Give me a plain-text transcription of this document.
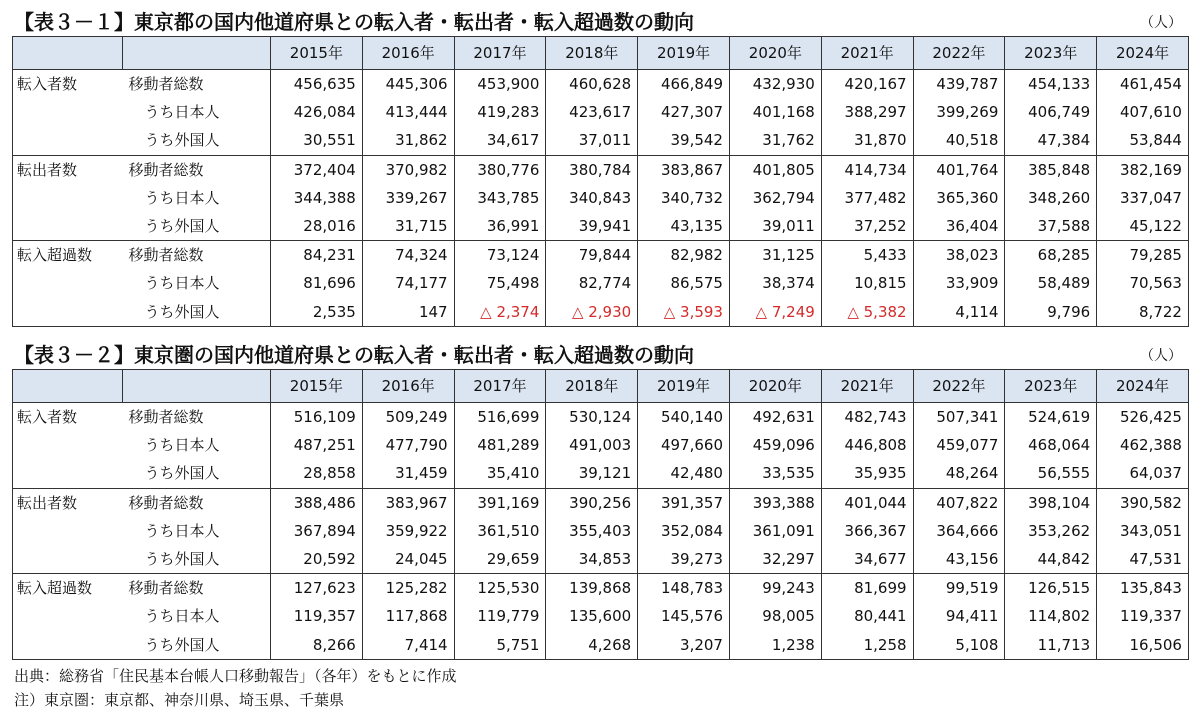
【表３－１】東京都の国内他道府県との転入者・転出者・転入超過数の動向	（人）
		2015年	2016年	2017年	2018年	2019年	2020年	2021年	2022年	2023年	2024年
転入者数	移動者総数	456,635	445,306	453,900	460,628	466,849	432,930	420,167	439,787	454,133	461,454
	うち日本人	426,084	413,444	419,283	423,617	427,307	401,168	388,297	399,269	406,749	407,610
	うち外国人	30,551	31,862	34,617	37,011	39,542	31,762	31,870	40,518	47,384	53,844
転出者数	移動者総数	372,404	370,982	380,776	380,784	383,867	401,805	414,734	401,764	385,848	382,169
	うち日本人	344,388	339,267	343,785	340,843	340,732	362,794	377,482	365,360	348,260	337,047
	うち外国人	28,016	31,715	36,991	39,941	43,135	39,011	37,252	36,404	37,588	45,122
転入超過数	移動者総数	84,231	74,324	73,124	79,844	82,982	31,125	5,433	38,023	68,285	79,285
	うち日本人	81,696	74,177	75,498	82,774	86,575	38,374	10,815	33,909	58,489	70,563
	うち外国人	2,535	147	△ 2,374	△ 2,930	△ 3,593	△ 7,249	△ 5,382	4,114	9,796	8,722
【表３－２】東京圏の国内他道府県との転入者・転出者・転入超過数の動向	（人）
		2015年	2016年	2017年	2018年	2019年	2020年	2021年	2022年	2023年	2024年
転入者数	移動者総数	516,109	509,249	516,699	530,124	540,140	492,631	482,743	507,341	524,619	526,425
	うち日本人	487,251	477,790	481,289	491,003	497,660	459,096	446,808	459,077	468,064	462,388
	うち外国人	28,858	31,459	35,410	39,121	42,480	33,535	35,935	48,264	56,555	64,037
転出者数	移動者総数	388,486	383,967	391,169	390,256	391,357	393,388	401,044	407,822	398,104	390,582
	うち日本人	367,894	359,922	361,510	355,403	352,084	361,091	366,367	364,666	353,262	343,051
	うち外国人	20,592	24,045	29,659	34,853	39,273	32,297	34,677	43,156	44,842	47,531
転入超過数	移動者総数	127,623	125,282	125,530	139,868	148,783	99,243	81,699	99,519	126,515	135,843
	うち日本人	119,357	117,868	119,779	135,600	145,576	98,005	80,441	94,411	114,802	119,337
	うち外国人	8,266	7,414	5,751	4,268	3,207	1,238	1,258	5,108	11,713	16,506
出典：総務省「住民基本台帳人口移動報告」（各年）をもとに作成
注）東京圏：東京都、神奈川県、埼玉県、千葉県
